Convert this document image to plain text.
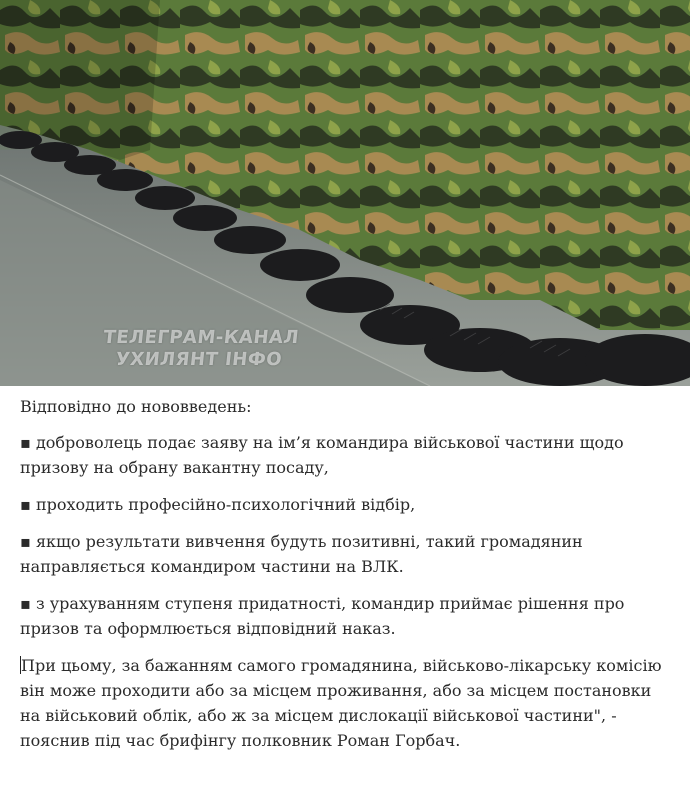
ТЕЛЕГРАМ-КАНАЛ
УХИЛЯНТ ІНФО

Відповідно до нововведень:

▪ доброволець подає заяву на ім’я командира військової частини щодо призову на обрану вакантну посаду,

▪ проходить професійно-психологічний відбір,

▪ якщо результати вивчення будуть позитивні, такий громадянин направляється командиром частини на ВЛК.

▪ з урахуванням ступеня придатності, командир приймає рішення про призов та оформлюється відповідний наказ.

При цьому, за бажанням самого громадянина, військово-лікарську комісію він може проходити або за місцем проживання, або за місцем постановки на військовий облік, або ж за місцем дислокації військової частини", - пояснив під час брифінгу полковник Роман Горбач.
